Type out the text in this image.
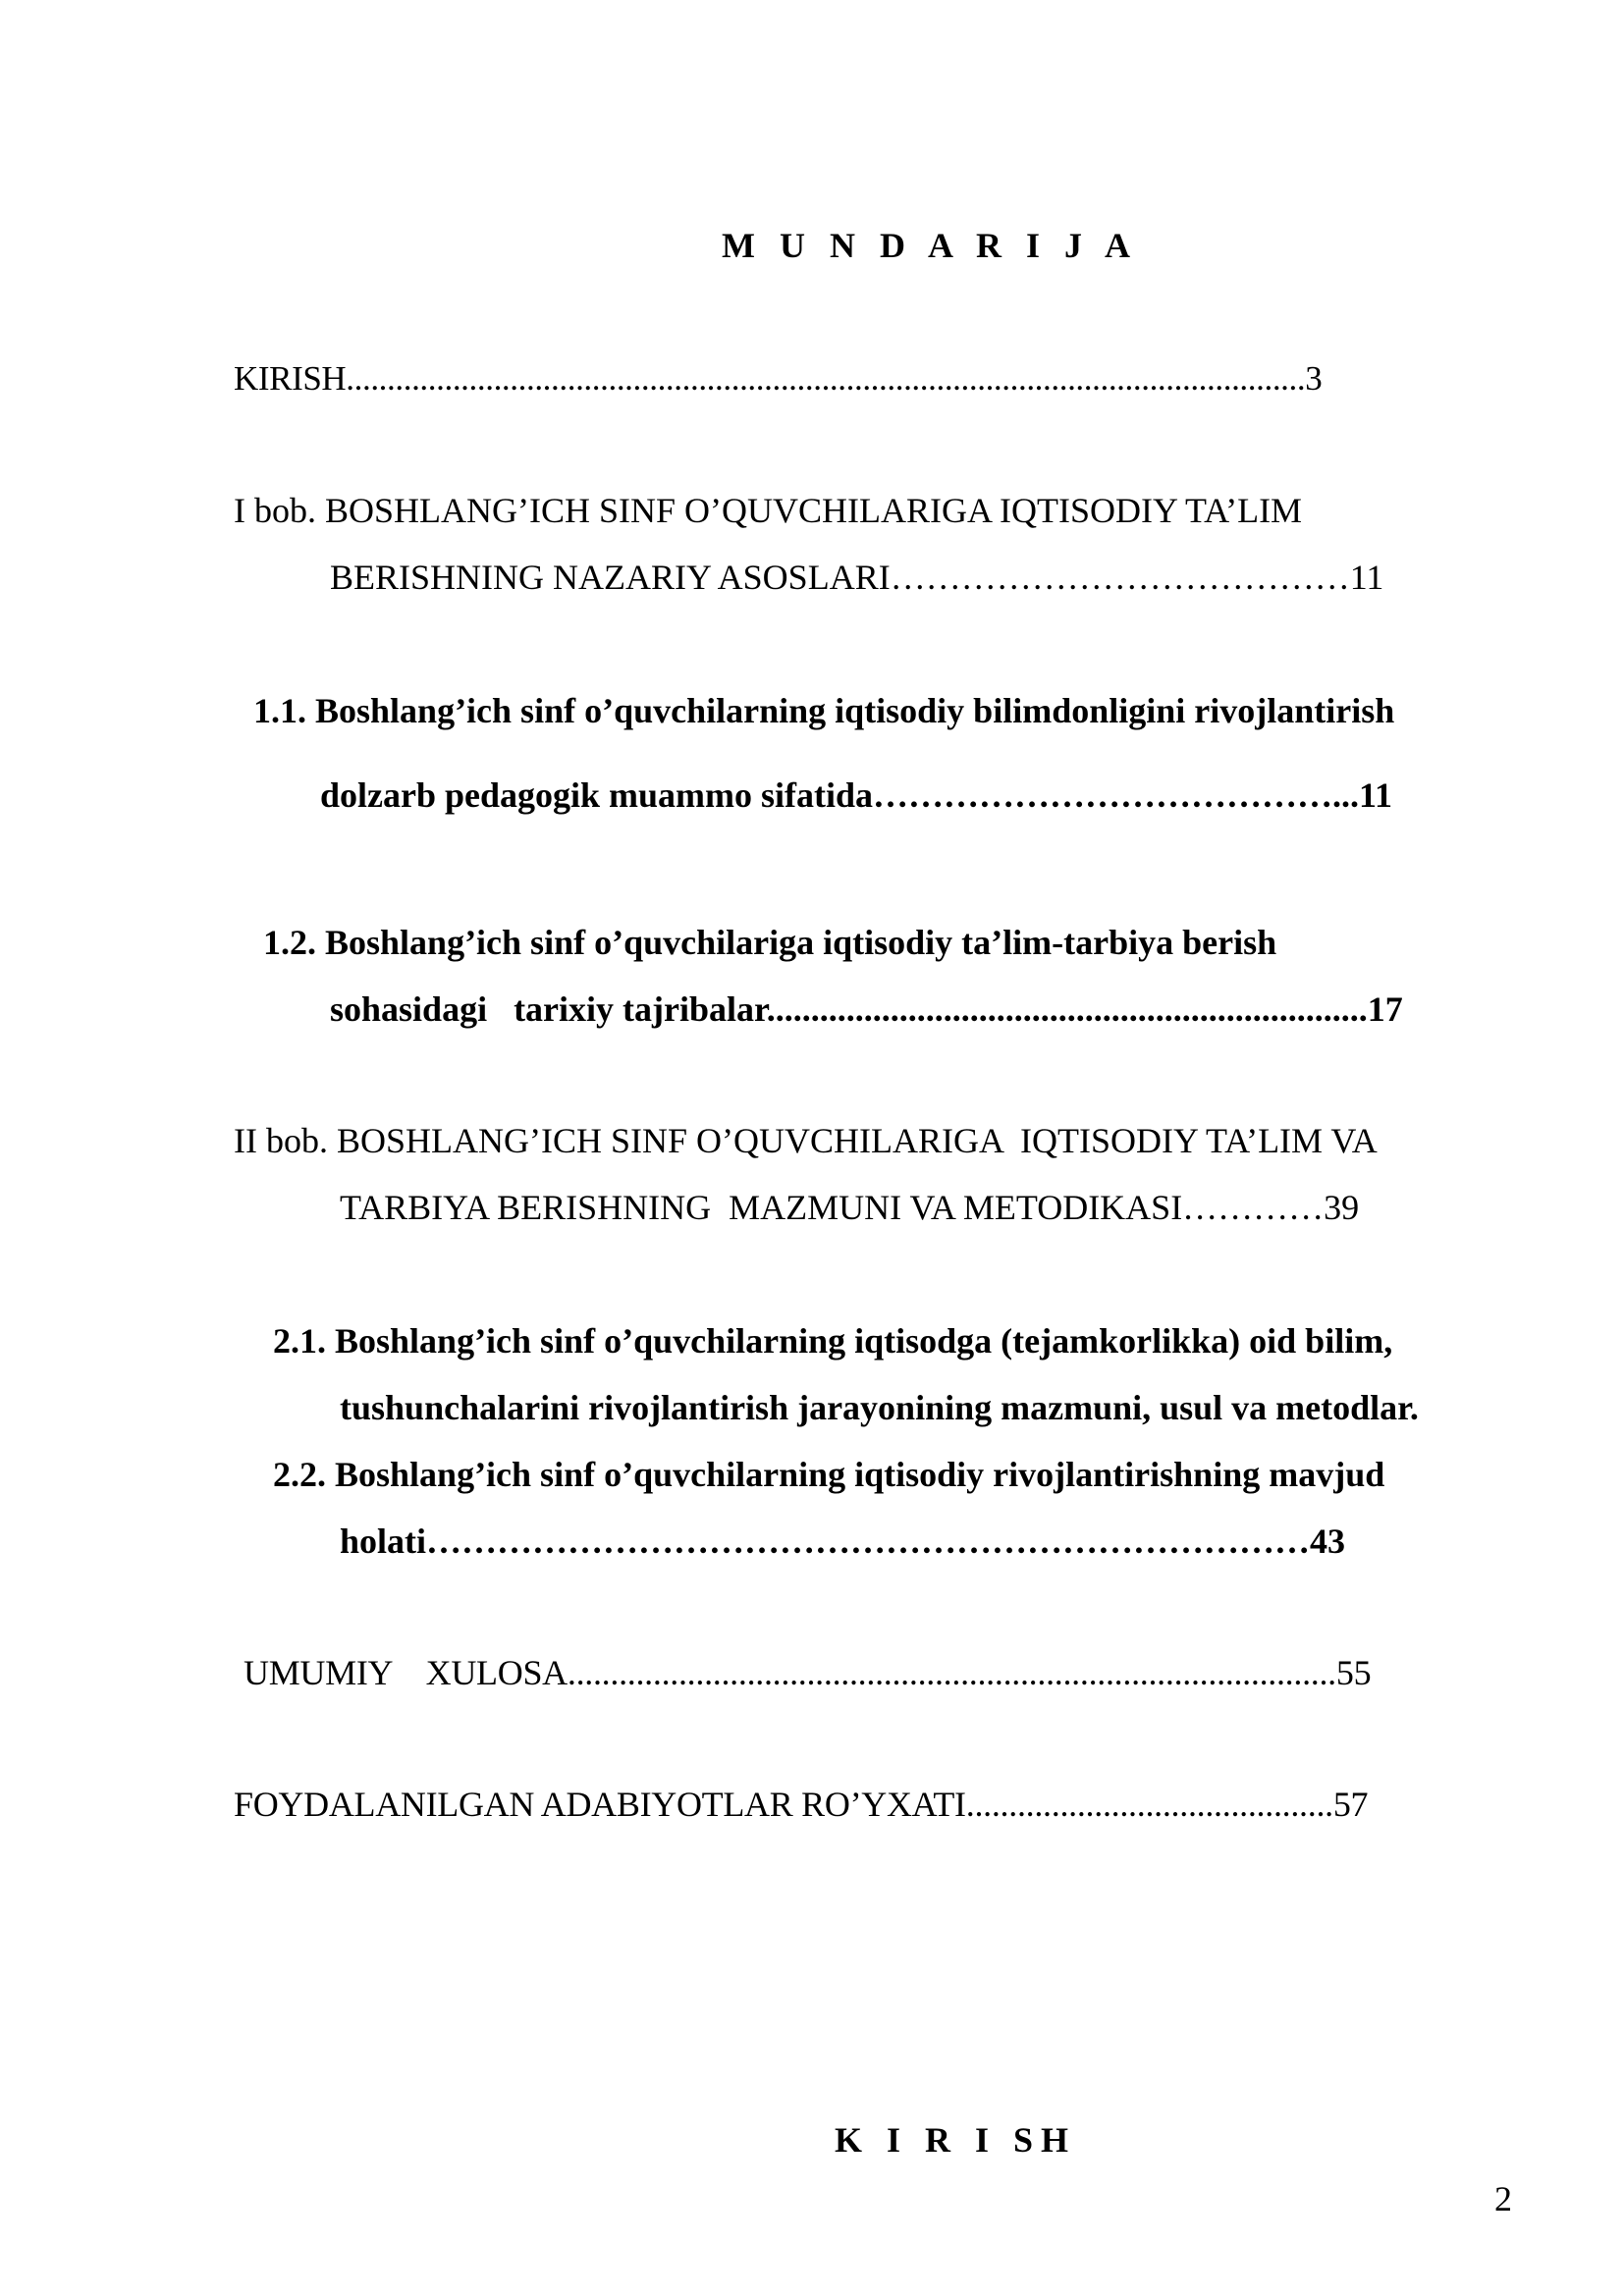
M U N D A R I J A
KIRISH.....................................................................................................................3
I bob. BOSHLANG’ICH SINF O’QUVCHILARIGA IQTISODIY TA’LIM
BERISHNING NAZARIY ASOSLARI…………………………………11
1.1. Boshlang’ich sinf o’quvchilarning iqtisodiy bilimdonligini rivojlantirish
dolzarb pedagogik muammo sifatida…………………………………...11
1.2. Boshlang’ich sinf o’quvchilariga iqtisodiy ta’lim-tarbiya berish
sohasidagi   tarixiy tajribalar....................................................................17
II bob. BOSHLANG’ICH SINF O’QUVCHILARIGA  IQTISODIY TA’LIM VA
TARBIYA BERISHNING  MAZMUNI VA METODIKASI…………39
2.1. Boshlang’ich sinf o’quvchilarning iqtisodga (tejamkorlikka) oid bilim,
tushunchalarini rivojlantirish jarayonining mazmuni, usul va metodlar.
2.2. Boshlang’ich sinf o’quvchilarning iqtisodiy rivojlantirishning mavjud
holati…………………………………………………………………43
UMUMIY    XULOSA..........................................................................................55
FOYDALANILGAN ADABIYOTLAR RO’YXATI...........................................57
K I R I SH
2
